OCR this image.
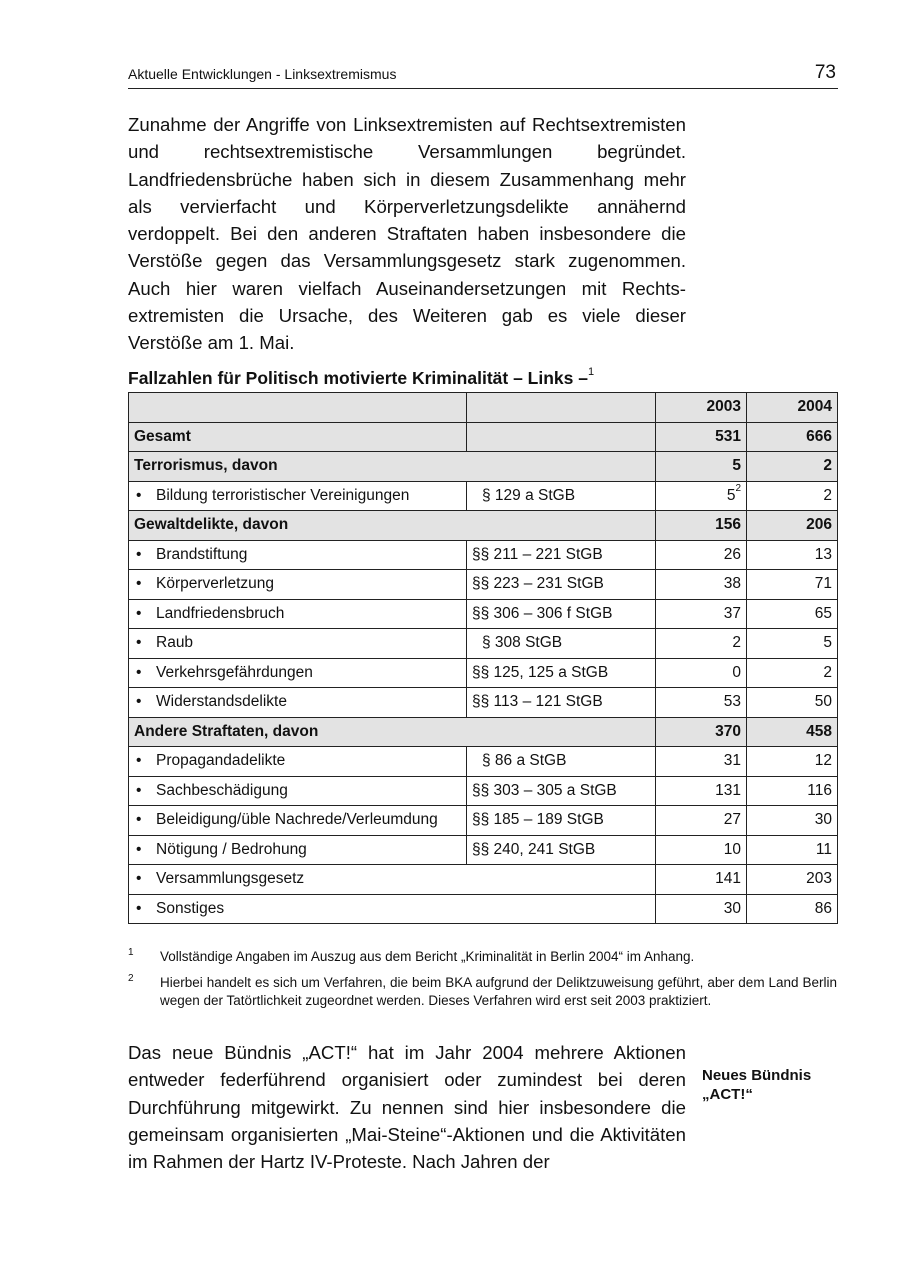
Aktuelle Entwicklungen - Linksextremismus	73
Zunahme der Angriffe von Linksextremisten auf Rechtsextremisten und rechtsextremistische Versammlungen begründet. Landfriedensbrüche haben sich in diesem Zusammenhang mehr als vervierfacht und Körperverletzungsdelikte annähernd verdoppelt. Bei den anderen Straftaten haben insbesondere die Verstöße gegen das Versammlungsgesetz stark zugenommen. Auch hier waren vielfach Auseinandersetzungen mit Rechtsextremisten die Ursache, des Weiteren gab es viele dieser Verstöße am 1. Mai.
Fallzahlen für Politisch motivierte Kriminalität – Links –$^1$
		2003	2004
Gesamt		531	666
Terrorismus, davon		5	2
• Bildung terroristischer Vereinigungen	§ 129 a StGB	$5^2$	2
Gewaltdelikte, davon		156	206
• Brandstiftung	§§ 211 – 221 StGB	26	13
• Körperverletzung	§§ 223 – 231 StGB	38	71
• Landfriedensbruch	§§ 306 – 306 f StGB	37	65
• Raub	§ 308 StGB	2	5
• Verkehrsgefährdungen	§§ 125, 125 a StGB	0	2
• Widerstandsdelikte	§§ 113 – 121 StGB	53	50
Andere Straftaten, davon		370	458
• Propagandadelikte	§ 86 a StGB	31	12
• Sachbeschädigung	§§ 303 – 305 a StGB	131	116
• Beleidigung/üble Nachrede/Verleumdung	§§ 185 – 189 StGB	27	30
• Nötigung / Bedrohung	§§ 240, 241 StGB	10	11
• Versammlungsgesetz		141	203
• Sonstiges		30	86
1 Vollständige Angaben im Auszug aus dem Bericht „Kriminalität in Berlin 2004“ im Anhang.
2 Hierbei handelt es sich um Verfahren, die beim BKA aufgrund der Deliktzuweisung geführt, aber dem Land Berlin wegen der Tatörtlichkeit zugeordnet werden. Dieses Verfahren wird erst seit 2003 praktiziert.
Das neue Bündnis „ACT!“ hat im Jahr 2004 mehrere Aktionen entweder federführend organisiert oder zumindest bei deren Durchführung mitgewirkt. Zu nennen sind hier insbesondere die gemeinsam organisierten „Mai-Steine“-Aktionen und die Aktivitäten im Rahmen der Hartz IV-Proteste. Nach Jahren der
Neues Bündnis
„ACT!“
